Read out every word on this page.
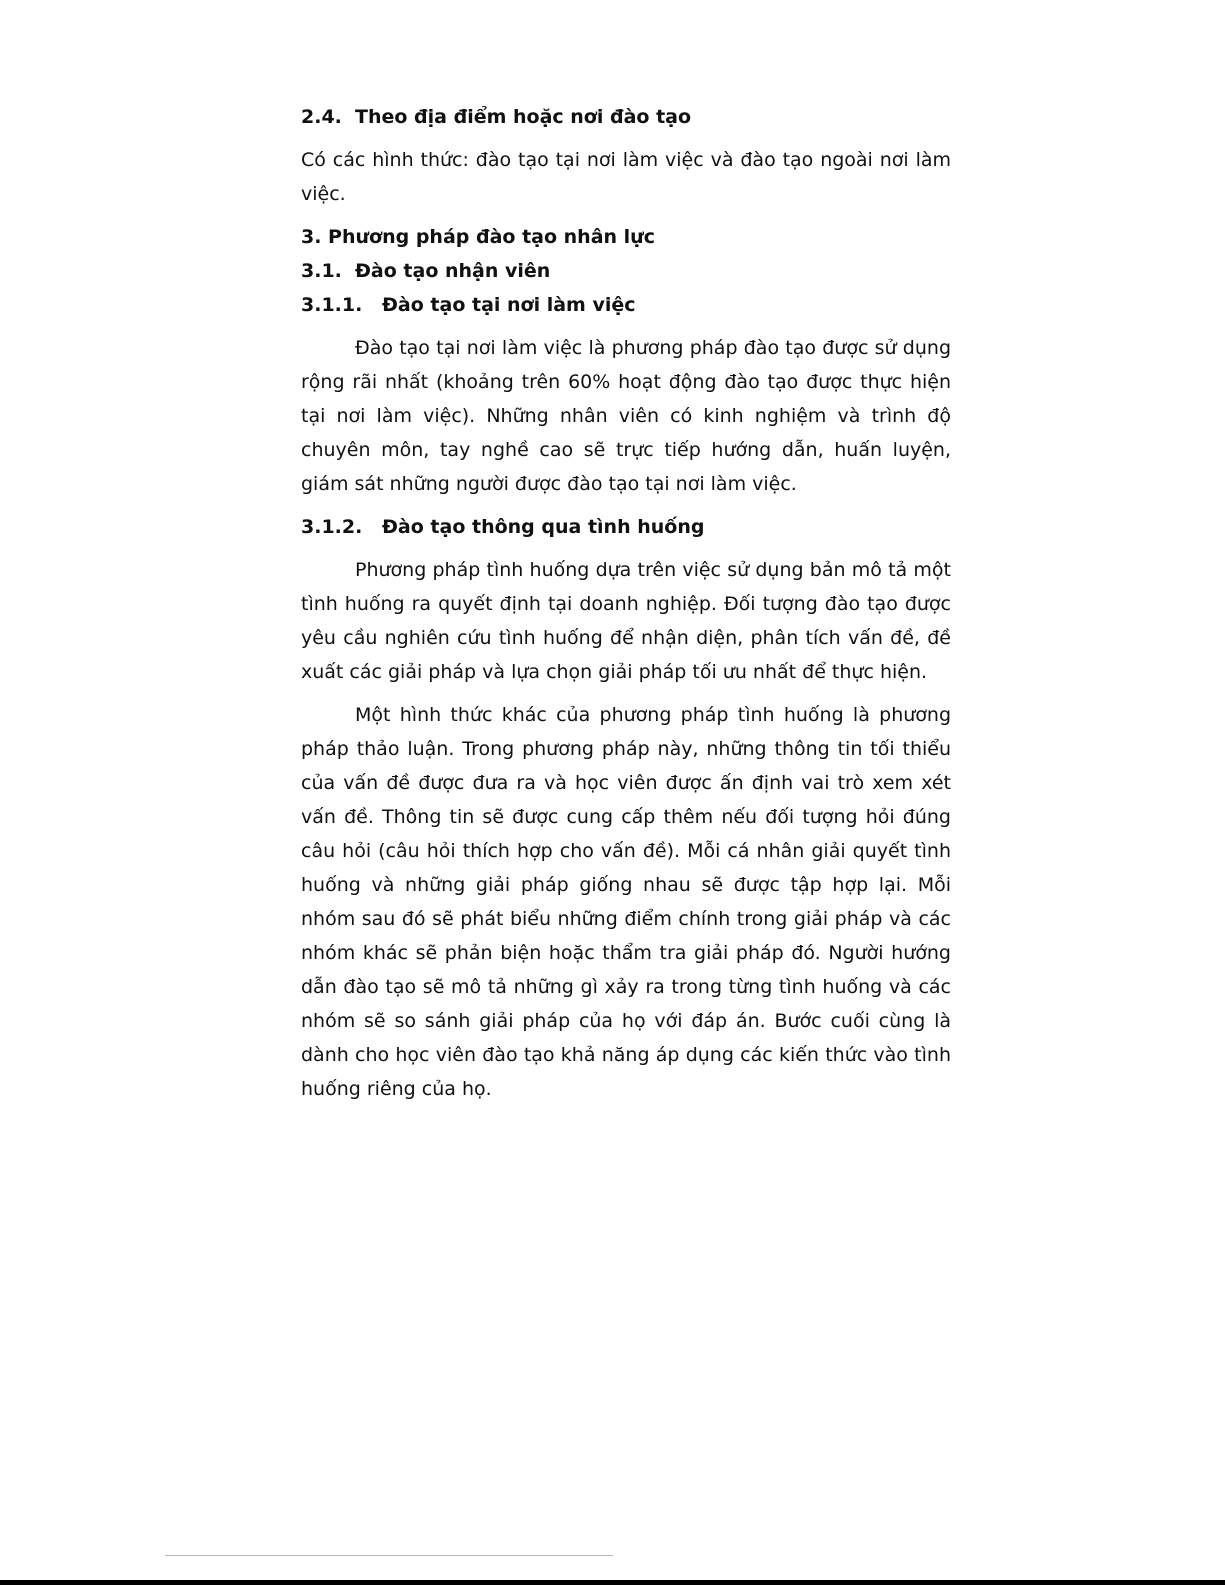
2.4. Theo địa điểm hoặc nơi đào tạo

Có các hình thức: đào tạo tại nơi làm việc và đào tạo ngoài nơi làm việc.

3. Phương pháp đào tạo nhân lực
3.1. Đào tạo nhận viên
3.1.1. Đào tạo tại nơi làm việc

Đào tạo tại nơi làm việc là phương pháp đào tạo được sử dụng rộng rãi nhất (khoảng trên 60% hoạt động đào tạo được thực hiện tại nơi làm việc). Những nhân viên có kinh nghiệm và trình độ chuyên môn, tay nghề cao sẽ trực tiếp hướng dẫn, huấn luyện, giám sát những người được đào tạo tại nơi làm việc.

3.1.2. Đào tạo thông qua tình huống

Phương pháp tình huống dựa trên việc sử dụng bản mô tả một tình huống ra quyết định tại doanh nghiệp. Đối tượng đào tạo được yêu cầu nghiên cứu tình huống để nhận diện, phân tích vấn đề, đề xuất các giải pháp và lựa chọn giải pháp tối ưu nhất để thực hiện.

Một hình thức khác của phương pháp tình huống là phương pháp thảo luận. Trong phương pháp này, những thông tin tối thiểu của vấn đề được đưa ra và học viên được ấn định vai trò xem xét vấn đề. Thông tin sẽ được cung cấp thêm nếu đối tượng hỏi đúng câu hỏi (câu hỏi thích hợp cho vấn đề). Mỗi cá nhân giải quyết tình huống và những giải pháp giống nhau sẽ được tập hợp lại. Mỗi nhóm sau đó sẽ phát biểu những điểm chính trong giải pháp và các nhóm khác sẽ phản biện hoặc thẩm tra giải pháp đó. Người hướng dẫn đào tạo sẽ mô tả những gì xảy ra trong từng tình huống và các nhóm sẽ so sánh giải pháp của họ với đáp án. Bước cuối cùng là dành cho học viên đào tạo khả năng áp dụng các kiến thức vào tình huống riêng của họ.
